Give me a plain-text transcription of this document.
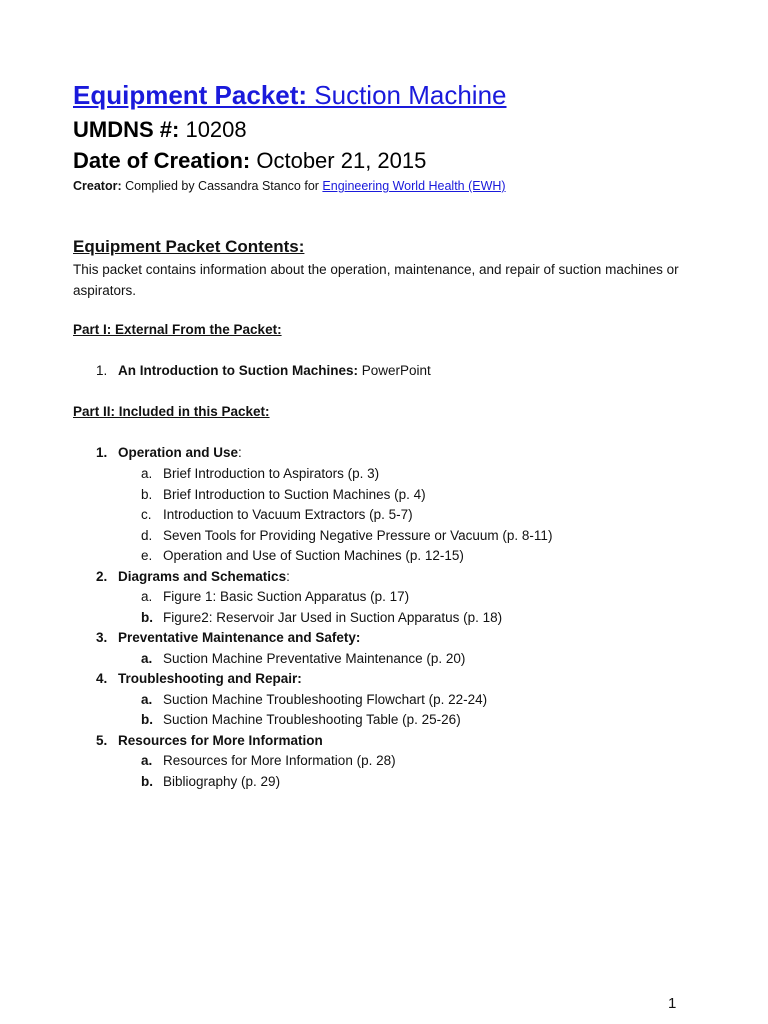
Equipment Packet: Suction Machine

UMDNS #: 10208

Date of Creation: October 21, 2015

Creator: Complied by Cassandra Stanco for Engineering World Health (EWH)

Equipment Packet Contents:

This packet contains information about the operation, maintenance, and repair of suction machines or aspirators.

Part I: External From the Packet:

1. An Introduction to Suction Machines: PowerPoint

Part II: Included in this Packet:

1. Operation and Use:

a. Brief Introduction to Aspirators (p. 3)

b. Brief Introduction to Suction Machines (p. 4)

c. Introduction to Vacuum Extractors (p. 5-7)

d. Seven Tools for Providing Negative Pressure or Vacuum (p. 8-11)

e. Operation and Use of Suction Machines (p. 12-15)

2. Diagrams and Schematics:

a. Figure 1: Basic Suction Apparatus (p. 17)

b. Figure2: Reservoir Jar Used in Suction Apparatus (p. 18)

3. Preventative Maintenance and Safety:

a. Suction Machine Preventative Maintenance (p. 20)

4. Troubleshooting and Repair:

a. Suction Machine Troubleshooting Flowchart (p. 22-24)

b. Suction Machine Troubleshooting Table (p. 25-26)

5. Resources for More Information

a. Resources for More Information (p. 28)

b. Bibliography (p. 29)

1
